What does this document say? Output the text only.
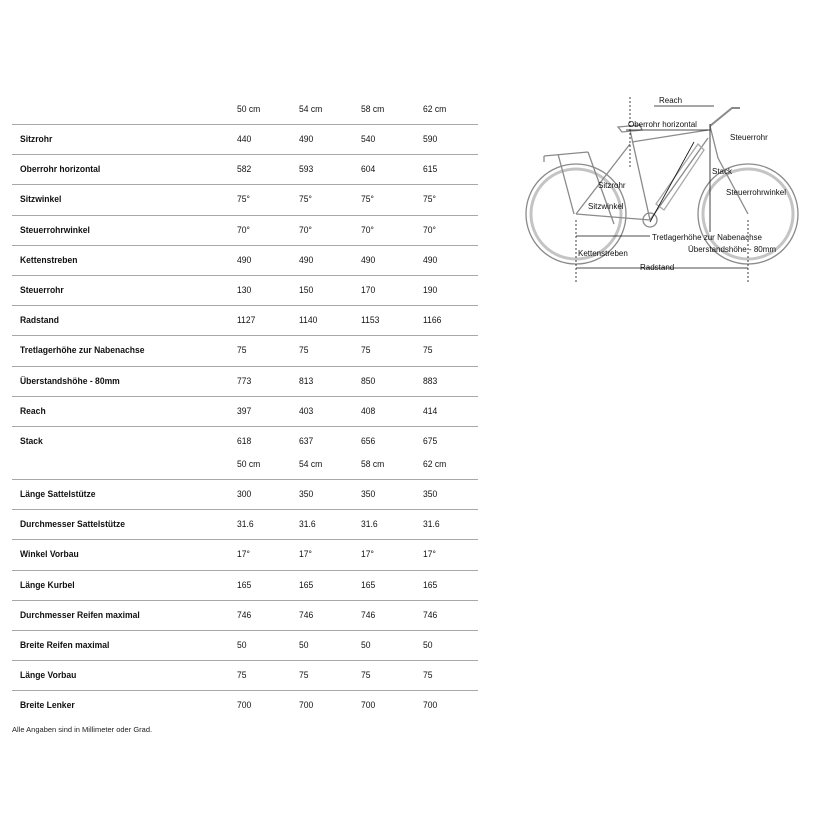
50 cm	54 cm	58 cm	62 cm
Sitzrohr	440	490	540	590
Oberrohr horizontal	582	593	604	615
Sitzwinkel	75°	75°	75°	75°
Steuerrohrwinkel	70°	70°	70°	70°
Kettenstreben	490	490	490	490
Steuerrohr	130	150	170	190
Radstand	1127	1140	1153	1166
Tretlagerhöhe zur Nabenachse	75	75	75	75
Überstandshöhe - 80mm	773	813	850	883
Reach	397	403	408	414
Stack	618	637	656	675
50 cm	54 cm	58 cm	62 cm
Länge Sattelstütze	300	350	350	350
Durchmesser Sattelstütze	31.6	31.6	31.6	31.6
Winkel Vorbau	17°	17°	17°	17°
Länge Kurbel	165	165	165	165
Durchmesser Reifen maximal	746	746	746	746
Breite Reifen maximal	50	50	50	50
Länge Vorbau	75	75	75	75
Breite Lenker	700	700	700	700
Alle Angaben sind in Millimeter oder Grad.
Reach
Oberrohr horizontal
Steuerrohr
Sitzrohr
Stack
Steuerrohrwinkel
Sitzwinkel
Tretlagerhöhe zur Nabenachse
Überstandshöhe - 80mm
Kettenstreben
Radstand
